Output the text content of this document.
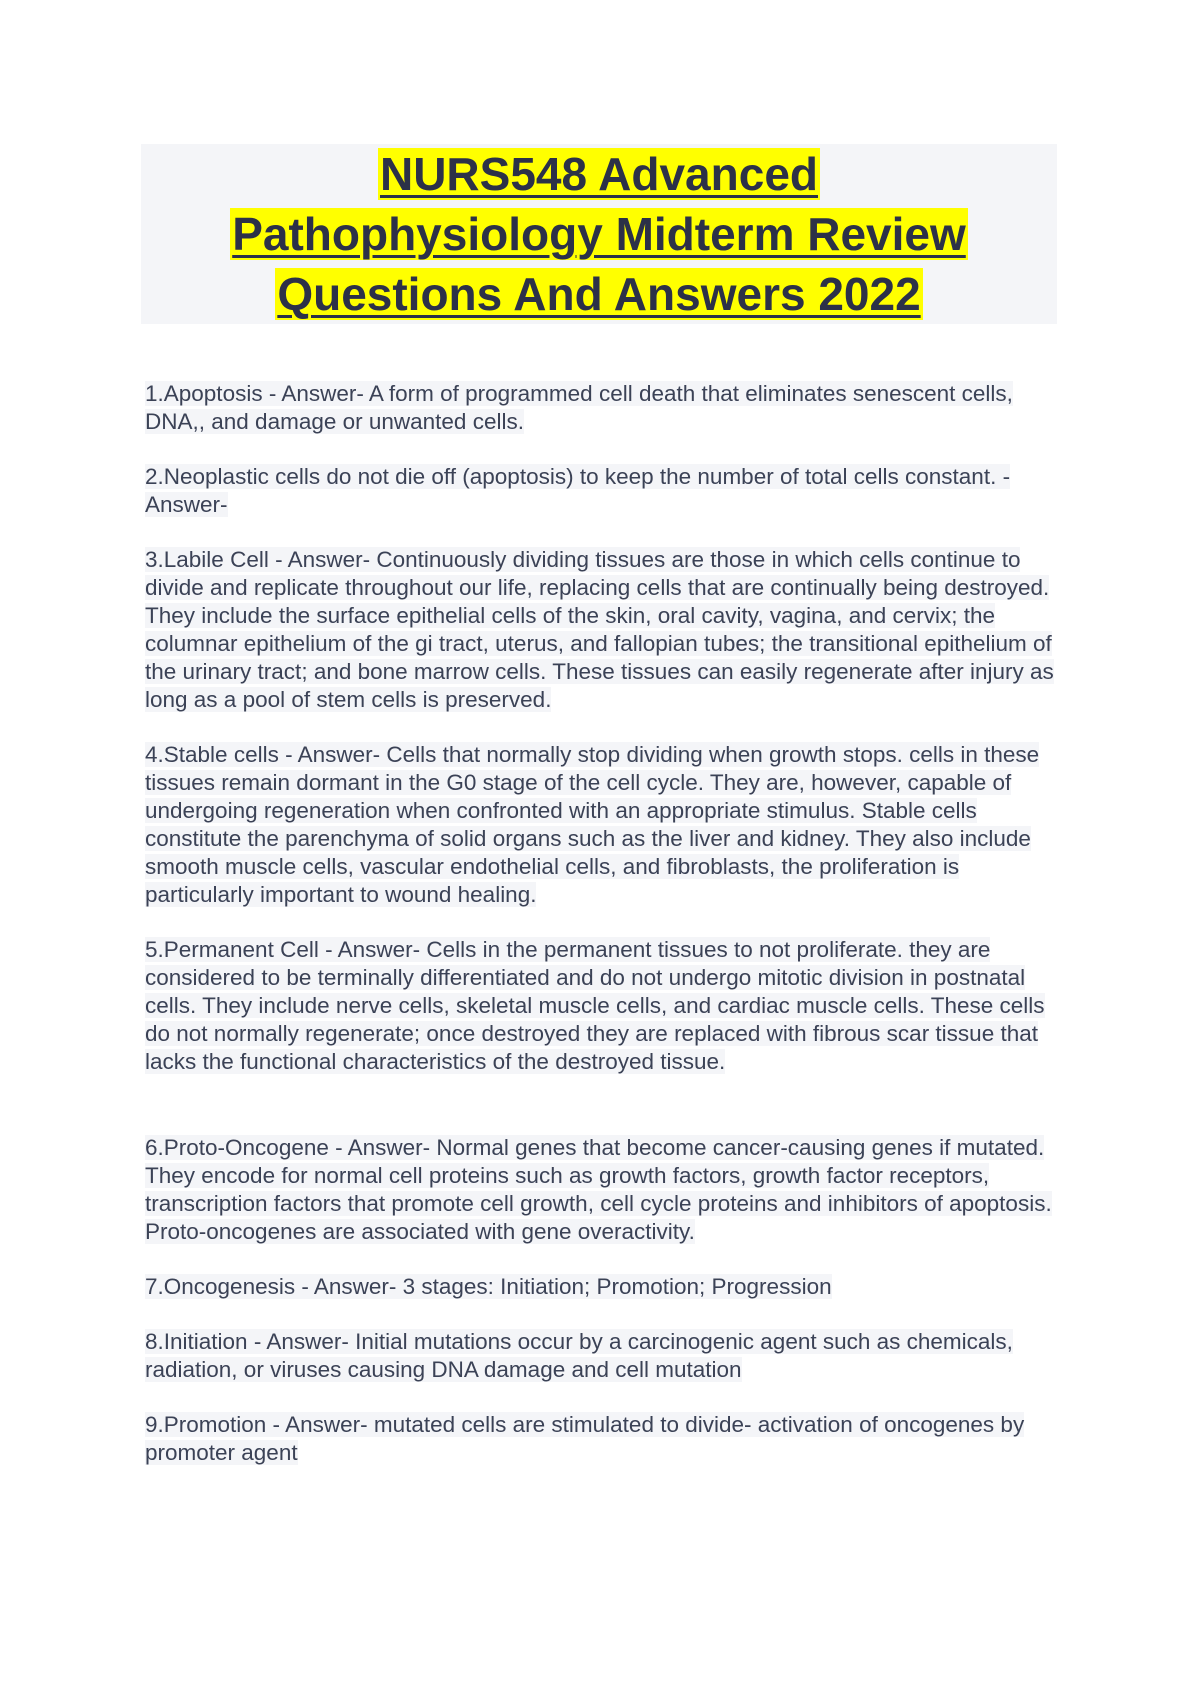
NURS548 Advanced
Pathophysiology Midterm Review
Questions And Answers 2022

1.Apoptosis - Answer- A form of programmed cell death that eliminates senescent cells, DNA,, and damage or unwanted cells.

2.Neoplastic cells do not die off (apoptosis) to keep the number of total cells constant. - Answer-

3.Labile Cell - Answer- Continuously dividing tissues are those in which cells continue to divide and replicate throughout our life, replacing cells that are continually being destroyed. They include the surface epithelial cells of the skin, oral cavity, vagina, and cervix; the columnar epithelium of the gi tract, uterus, and fallopian tubes; the transitional epithelium of the urinary tract; and bone marrow cells. These tissues can easily regenerate after injury as long as a pool of stem cells is preserved.

4.Stable cells - Answer- Cells that normally stop dividing when growth stops. cells in these tissues remain dormant in the G0 stage of the cell cycle. They are, however, capable of undergoing regeneration when confronted with an appropriate stimulus. Stable cells constitute the parenchyma of solid organs such as the liver and kidney. They also include smooth muscle cells, vascular endothelial cells, and fibroblasts, the proliferation is particularly important to wound healing.

5.Permanent Cell - Answer- Cells in the permanent tissues to not proliferate. they are considered to be terminally differentiated and do not undergo mitotic division in postnatal cells. They include nerve cells, skeletal muscle cells, and cardiac muscle cells. These cells do not normally regenerate; once destroyed they are replaced with fibrous scar tissue that lacks the functional characteristics of the destroyed tissue.

6.Proto-Oncogene - Answer- Normal genes that become cancer-causing genes if mutated. They encode for normal cell proteins such as growth factors, growth factor receptors, transcription factors that promote cell growth, cell cycle proteins and inhibitors of apoptosis. Proto-oncogenes are associated with gene overactivity.

7.Oncogenesis - Answer- 3 stages: Initiation; Promotion; Progression

8.Initiation - Answer- Initial mutations occur by a carcinogenic agent such as chemicals, radiation, or viruses causing DNA damage and cell mutation

9.Promotion - Answer- mutated cells are stimulated to divide- activation of oncogenes by promoter agent
